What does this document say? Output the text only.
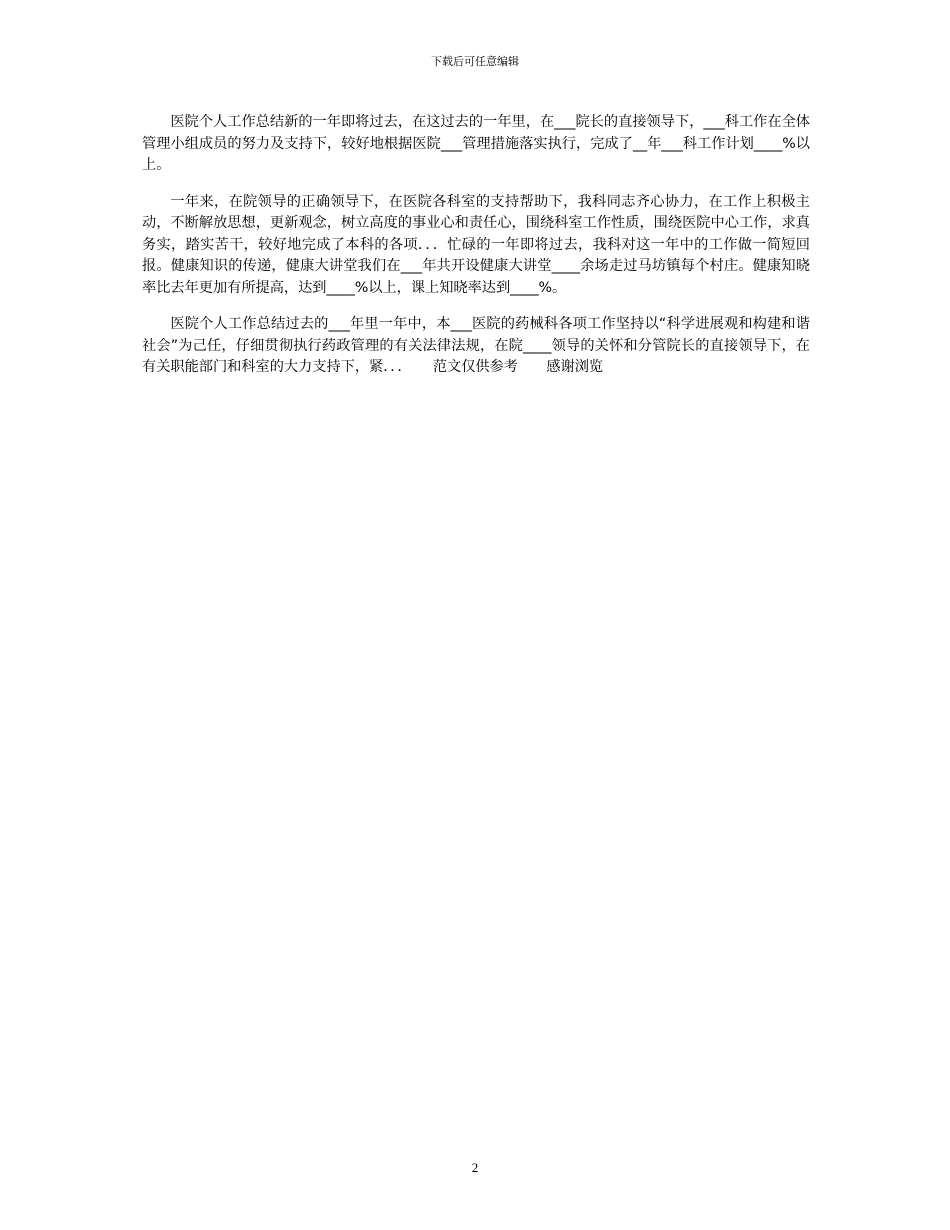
下载后可任意编辑

医院个人工作总结新的一年即将过去，在这过去的一年里，在___院长的直接领导下，___科工作在全体管理小组成员的努力及支持下，较好地根据医院___管理措施落实执行，完成了__年___科工作计划____%以上。

一年来，在院领导的正确领导下，在医院各科室的支持帮助下，我科同志齐心协力，在工作上积极主动，不断解放思想，更新观念，树立高度的事业心和责任心，围绕科室工作性质，围绕医院中心工作，求真务实，踏实苦干，较好地完成了本科的各项．．．忙碌的一年即将过去，我科对这一年中的工作做一简短回报。健康知识的传递，健康大讲堂我们在___年共开设健康大讲堂____余场走过马坊镇每个村庄。健康知晓率比去年更加有所提高，达到____%以上，课上知晓率达到____%。

医院个人工作总结过去的___年里一年中，本___医院的药械科各项工作坚持以“科学进展观和构建和谐社会”为己任，仔细贯彻执行药政管理的有关法律法规，在院____领导的关怀和分管院长的直接领导下，在有关职能部门和科室的大力支持下，紧．．．　　范文仅供参考　　感谢浏览

2
